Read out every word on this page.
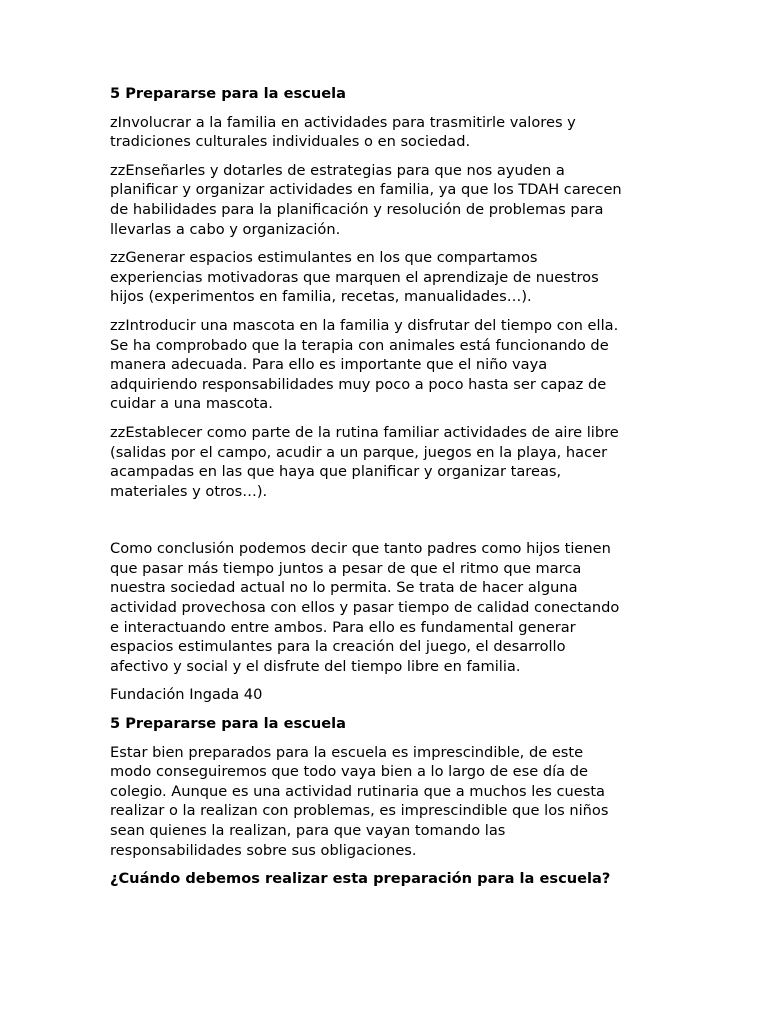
5 Prepararse para la escuela

zInvolucrar a la familia en actividades para trasmitirle valores y
tradiciones culturales individuales o en sociedad.

zzEnseñarles y dotarles de estrategias para que nos ayuden a
planificar y organizar actividades en familia, ya que los TDAH carecen
de habilidades para la planificación y resolución de problemas para
llevarlas a cabo y organización.

zzGenerar espacios estimulantes en los que compartamos
experiencias motivadoras que marquen el aprendizaje de nuestros
hijos (experimentos en familia, recetas, manualidades…).

zzIntroducir una mascota en la familia y disfrutar del tiempo con ella.
Se ha comprobado que la terapia con animales está funcionando de
manera adecuada. Para ello es importante que el niño vaya
adquiriendo responsabilidades muy poco a poco hasta ser capaz de
cuidar a una mascota.

zzEstablecer como parte de la rutina familiar actividades de aire libre
(salidas por el campo, acudir a un parque, juegos en la playa, hacer
acampadas en las que haya que planificar y organizar tareas,
materiales y otros…).

Como conclusión podemos decir que tanto padres como hijos tienen
que pasar más tiempo juntos a pesar de que el ritmo que marca
nuestra sociedad actual no lo permita. Se trata de hacer alguna
actividad provechosa con ellos y pasar tiempo de calidad conectando
e interactuando entre ambos. Para ello es fundamental generar
espacios estimulantes para la creación del juego, el desarrollo
afectivo y social y el disfrute del tiempo libre en familia.

Fundación Ingada 40

5 Prepararse para la escuela

Estar bien preparados para la escuela es imprescindible, de este
modo conseguiremos que todo vaya bien a lo largo de ese día de
colegio. Aunque es una actividad rutinaria que a muchos les cuesta
realizar o la realizan con problemas, es imprescindible que los niños
sean quienes la realizan, para que vayan tomando las
responsabilidades sobre sus obligaciones.

¿Cuándo debemos realizar esta preparación para la escuela?
